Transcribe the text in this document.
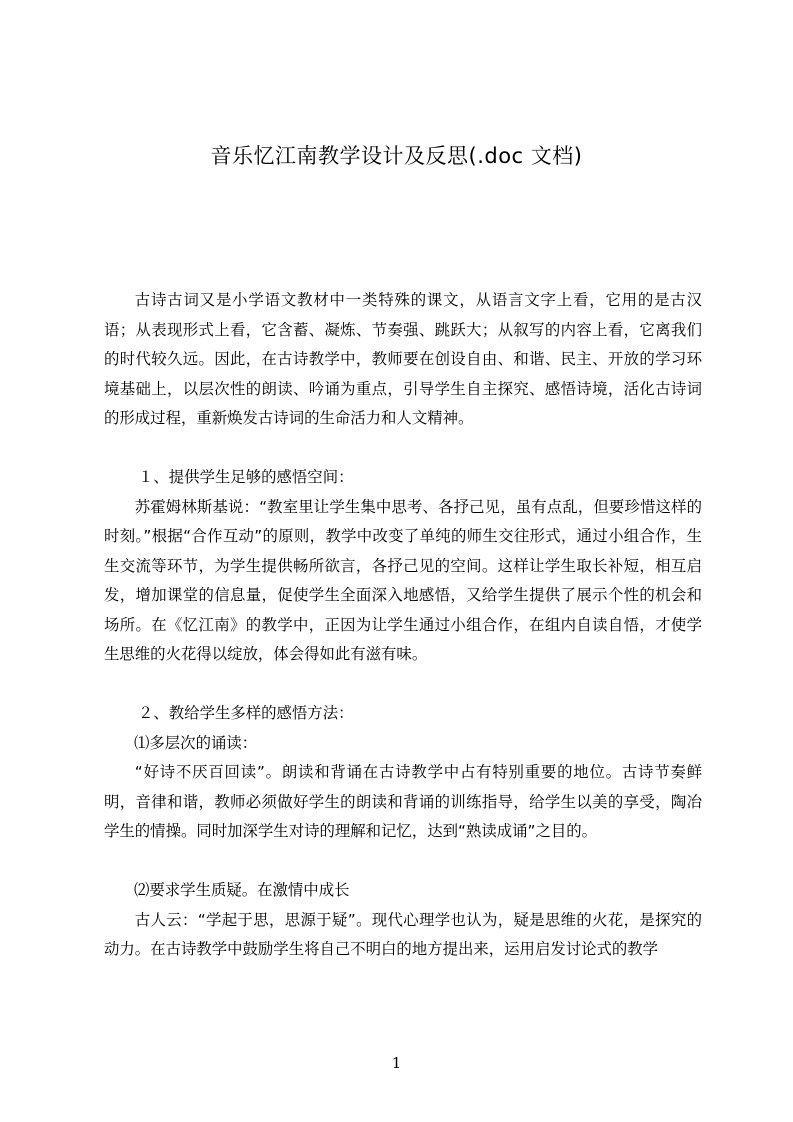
音乐忆江南教学设计及反思(.doc 文档)

古诗古词又是小学语文教材中一类特殊的课文，从语言文字上看，它用的是古汉语；从表现形式上看，它含蓄、凝炼、节奏强、跳跃大；从叙写的内容上看，它离我们的时代较久远。因此，在古诗教学中，教师要在创设自由、和谐、民主、开放的学习环境基础上，以层次性的朗读、吟诵为重点，引导学生自主探究、感悟诗境，活化古诗词的形成过程，重新焕发古诗词的生命活力和人文精神。

１、提供学生足够的感悟空间：

苏霍姆林斯基说：“教室里让学生集中思考、各抒己见，虽有点乱，但要珍惜这样的时刻。”根据“合作互动”的原则，教学中改变了单纯的师生交往形式，通过小组合作，生生交流等环节，为学生提供畅所欲言，各抒己见的空间。这样让学生取长补短，相互启发，增加课堂的信息量，促使学生全面深入地感悟，又给学生提供了展示个性的机会和场所。在《忆江南》的教学中，正因为让学生通过小组合作，在组内自读自悟，才使学生思维的火花得以绽放，体会得如此有滋有味。

２、教给学生多样的感悟方法：

⑴多层次的诵读：

“好诗不厌百回读”。朗读和背诵在古诗教学中占有特别重要的地位。古诗节奏鲜明，音律和谐，教师必须做好学生的朗读和背诵的训练指导，给学生以美的享受，陶冶学生的情操。同时加深学生对诗的理解和记忆，达到“熟读成诵”之目的。

⑵要求学生质疑。在激情中成长

古人云：“学起于思，思源于疑”。现代心理学也认为，疑是思维的火花，是探究的动力。在古诗教学中鼓励学生将自己不明白的地方提出来，运用启发讨论式的教学

1
